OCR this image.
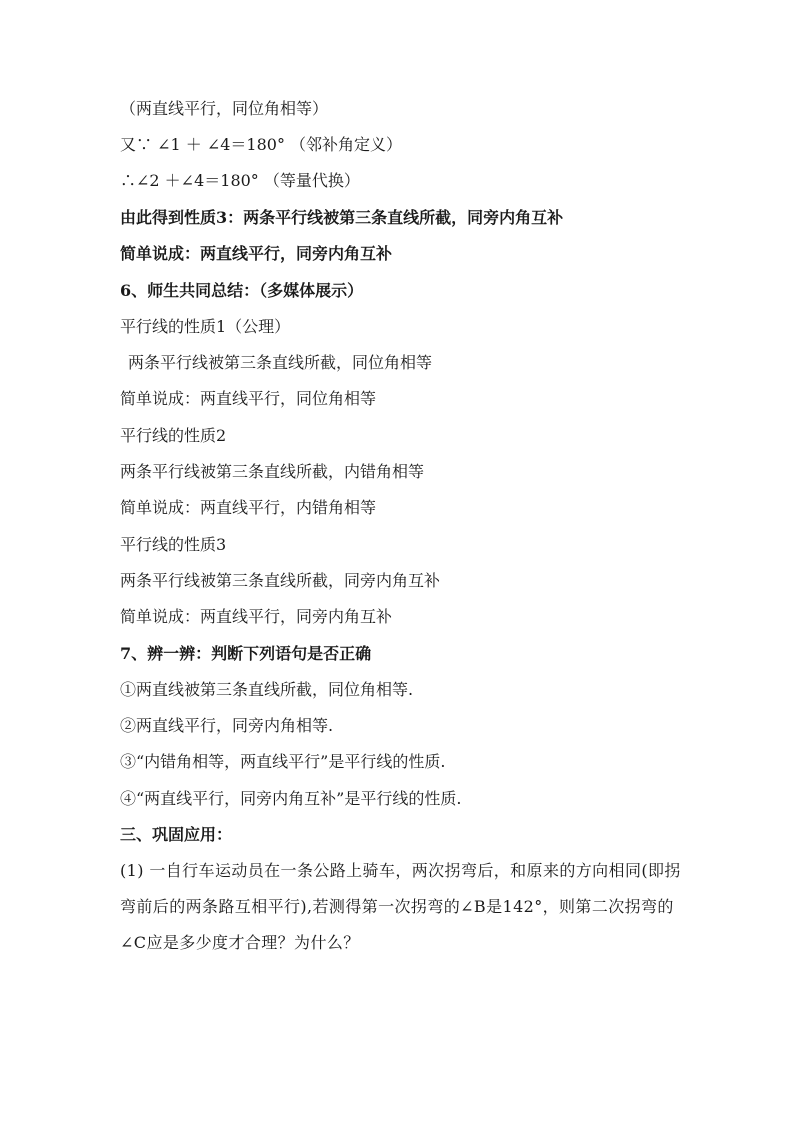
（两直线平行，同位角相等）
又∵ ∠1 ＋ ∠4＝180° （邻补角定义）
∴∠2 ＋∠4＝180° （等量代换）
由此得到性质3：两条平行线被第三条直线所截，同旁内角互补
简单说成：两直线平行，同旁内角互补
6、师生共同总结：（多媒体展示）
平行线的性质1（公理）
两条平行线被第三条直线所截，同位角相等
简单说成：两直线平行，同位角相等
平行线的性质2
两条平行线被第三条直线所截，内错角相等
简单说成：两直线平行，内错角相等
平行线的性质3
两条平行线被第三条直线所截，同旁内角互补
简单说成：两直线平行，同旁内角互补
7、辨一辨：判断下列语句是否正确
①两直线被第三条直线所截，同位角相等.
②两直线平行，同旁内角相等.
③“内错角相等，两直线平行”是平行线的性质.
④“两直线平行，同旁内角互补”是平行线的性质.
三、巩固应用：
(1) 一自行车运动员在一条公路上骑车，两次拐弯后，和原来的方向相同(即拐弯前后的两条路互相平行),若测得第一次拐弯的∠B是142°，则第二次拐弯的∠C应是多少度才合理？为什么？
